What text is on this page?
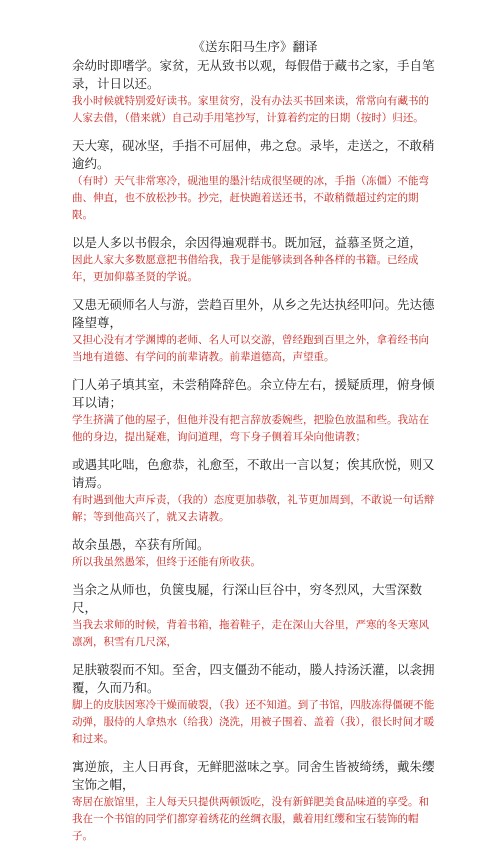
《送东阳马生序》翻译
余幼时即嗜学。家贫，无从致书以观，每假借于藏书之家，手自笔录，计日以还。
我小时候就特别爱好读书。家里贫穷，没有办法买书回来读，常常向有藏书的人家去借，（借来就）自己动手用笔抄写，计算着约定的日期（按时）归还。
天大寒，砚冰坚，手指不可屈伸，弗之怠。录毕，走送之，不敢稍逾约。
（有时）天气非常寒冷，砚池里的墨汁结成很坚硬的冰，手指（冻僵）不能弯曲、伸直，也不放松抄书。抄完，赶快跑着送还书，不敢稍微超过约定的期限。
以是人多以书假余，余因得遍观群书。既加冠，益慕圣贤之道，
因此人家大多数愿意把书借给我，我于是能够读到各种各样的书籍。已经成年，更加仰慕圣贤的学说。
又患无硕师名人与游，尝趋百里外，从乡之先达执经叩问。先达德隆望尊，
又担心没有才学渊博的老师、名人可以交游，曾经跑到百里之外，拿着经书向当地有道德、有学问的前辈请教。前辈道德高，声望重。
门人弟子填其室，未尝稍降辞色。余立侍左右，援疑质理，俯身倾耳以请；
学生挤满了他的屋子，但他并没有把言辞放委婉些，把脸色放温和些。我站在他的身边，提出疑难，询问道理，弯下身子侧着耳朵向他请教；
或遇其叱咄，色愈恭，礼愈至，不敢出一言以复；俟其欣悦，则又请焉。
有时遇到他大声斥责，（我的）态度更加恭敬，礼节更加周到，不敢说一句话辩解；等到他高兴了，就又去请教。
故余虽愚，卒获有所闻。
所以我虽然愚笨，但终于还能有所收获。
当余之从师也，负箧曳屣，行深山巨谷中，穷冬烈风，大雪深数尺，
当我去求师的时候，背着书箱，拖着鞋子，走在深山大谷里，严寒的冬天寒风凛冽，积雪有几尺深，
足肤皲裂而不知。至舍，四支僵劲不能动，媵人持汤沃灌，以衾拥覆，久而乃和。
脚上的皮肤因寒冷干燥而破裂，（我）还不知道。到了书馆，四肢冻得僵硬不能动弹，服侍的人拿热水（给我）浇洗，用被子围着、盖着（我），很长时间才暖和过来。
寓逆旅，主人日再食，无鲜肥滋味之享。同舍生皆被绮绣，戴朱缨宝饰之帽，
寄居在旅馆里，主人每天只提供两顿饭吃，没有新鲜肥美食品味道的享受。和我在一个书馆的同学们都穿着绣花的丝绸衣服，戴着用红缨和宝石装饰的帽子。
